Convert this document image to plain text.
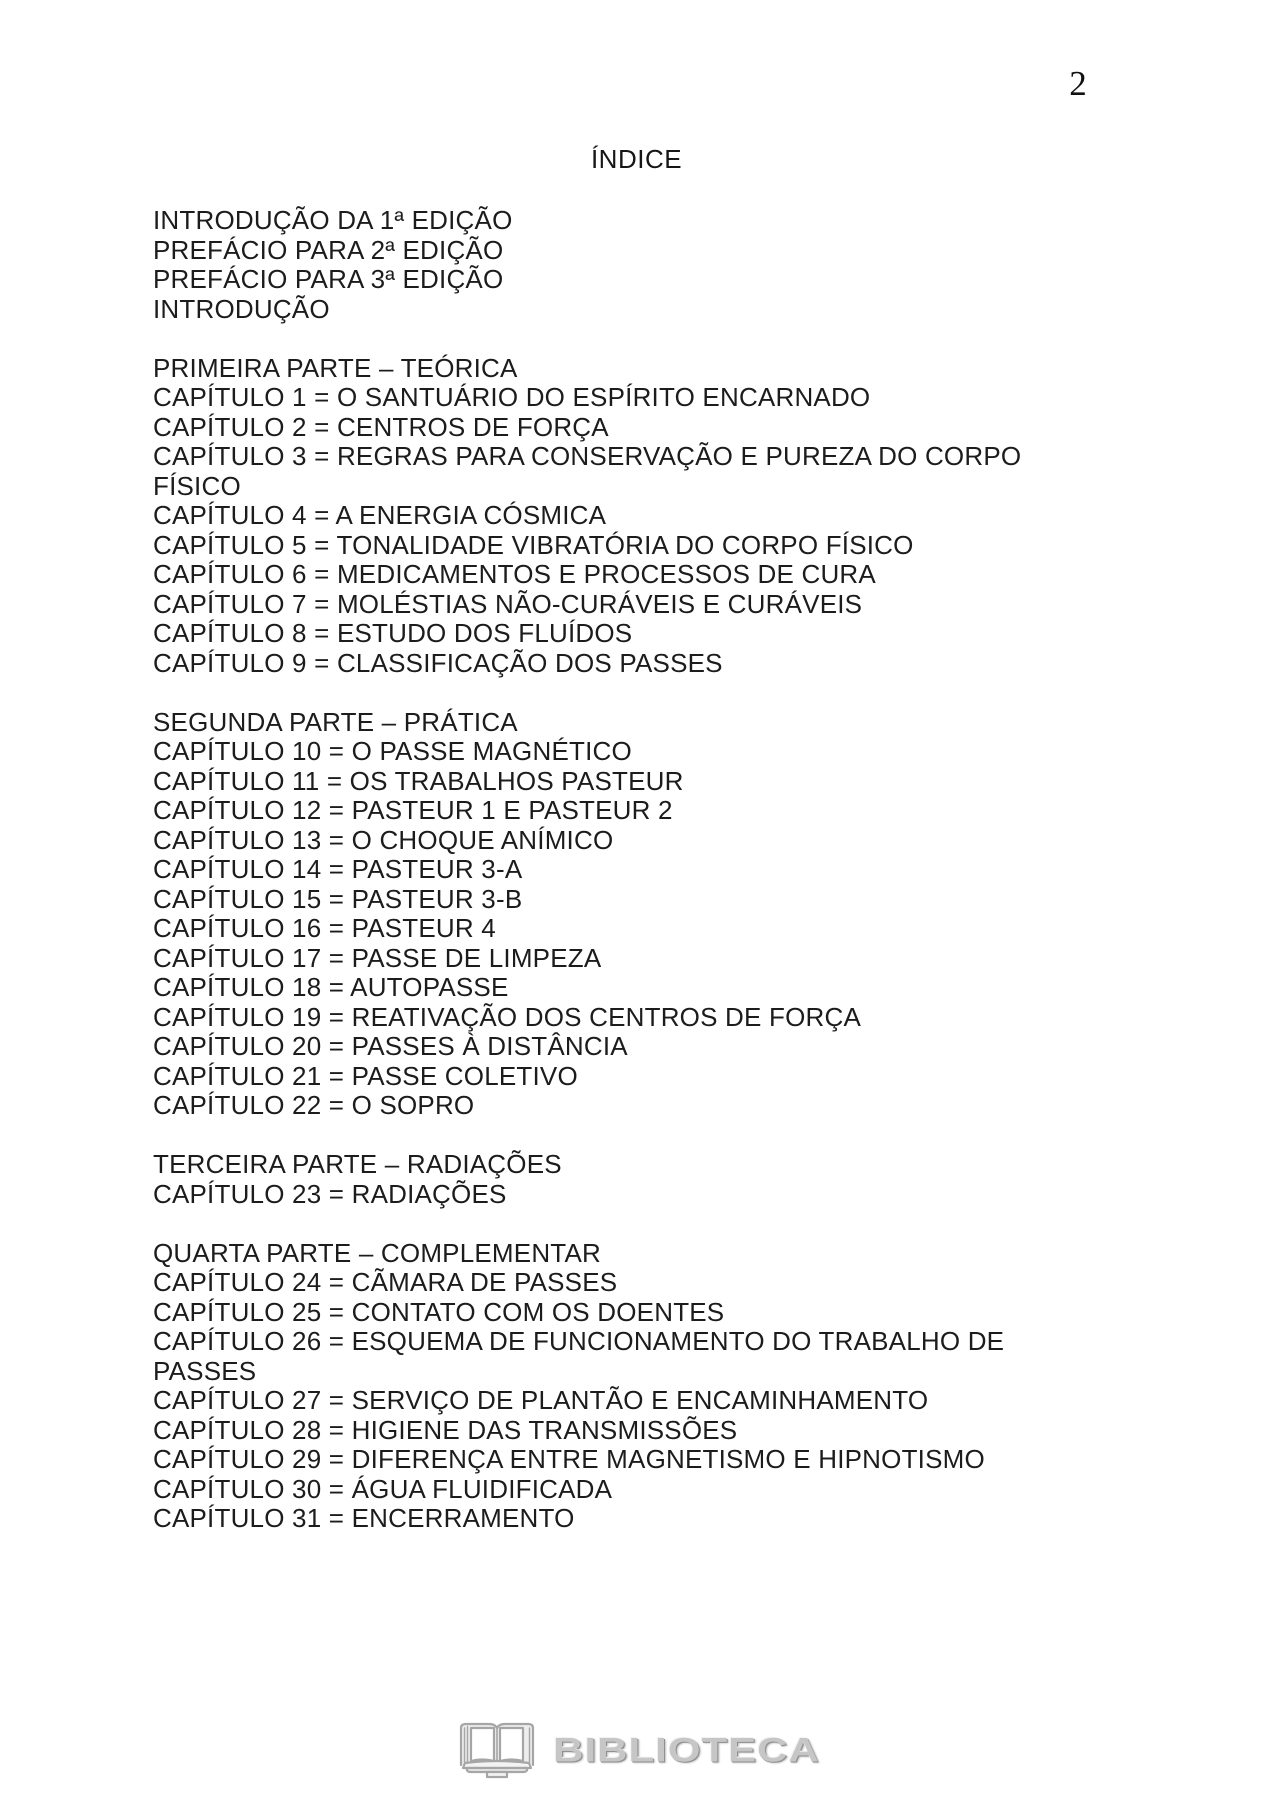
2
ÍNDICE
INTRODUÇÃO DA 1ª EDIÇÃO
PREFÁCIO PARA 2ª EDIÇÃO
PREFÁCIO PARA 3ª EDIÇÃO
INTRODUÇÃO
PRIMEIRA PARTE – TEÓRICA
CAPÍTULO 1 = O SANTUÁRIO DO ESPÍRITO ENCARNADO
CAPÍTULO 2 = CENTROS DE FORÇA
CAPÍTULO 3 = REGRAS PARA CONSERVAÇÃO E PUREZA DO CORPO
FÍSICO
CAPÍTULO 4 = A ENERGIA CÓSMICA
CAPÍTULO 5 = TONALIDADE VIBRATÓRIA DO CORPO FÍSICO
CAPÍTULO 6 = MEDICAMENTOS E PROCESSOS DE CURA
CAPÍTULO 7 = MOLÉSTIAS NÃO-CURÁVEIS E CURÁVEIS
CAPÍTULO 8 = ESTUDO DOS FLUÍDOS
CAPÍTULO 9 = CLASSIFICAÇÃO DOS PASSES
SEGUNDA PARTE – PRÁTICA
CAPÍTULO 10 = O PASSE MAGNÉTICO
CAPÍTULO 11 = OS TRABALHOS PASTEUR
CAPÍTULO 12 = PASTEUR 1 E PASTEUR 2
CAPÍTULO 13 = O CHOQUE ANÍMICO
CAPÍTULO 14 = PASTEUR 3-A
CAPÍTULO 15 = PASTEUR 3-B
CAPÍTULO 16 = PASTEUR 4
CAPÍTULO 17 = PASSE DE LIMPEZA
CAPÍTULO 18 = AUTOPASSE
CAPÍTULO 19 = REATIVAÇÃO DOS CENTROS DE FORÇA
CAPÍTULO 20 = PASSES À DISTÂNCIA
CAPÍTULO 21 = PASSE COLETIVO
CAPÍTULO 22 = O SOPRO
TERCEIRA PARTE – RADIAÇÕES
CAPÍTULO 23 = RADIAÇÕES
QUARTA PARTE – COMPLEMENTAR
CAPÍTULO 24 = CÃMARA DE PASSES
CAPÍTULO 25 = CONTATO COM OS DOENTES
CAPÍTULO 26 = ESQUEMA DE FUNCIONAMENTO DO TRABALHO DE
PASSES
CAPÍTULO 27 = SERVIÇO DE PLANTÃO E ENCAMINHAMENTO
CAPÍTULO 28 = HIGIENE DAS TRANSMISSÕES
CAPÍTULO 29 = DIFERENÇA ENTRE MAGNETISMO E HIPNOTISMO
CAPÍTULO 30 = ÁGUA FLUIDIFICADA
CAPÍTULO 31 = ENCERRAMENTO
BIBLIOTECA
